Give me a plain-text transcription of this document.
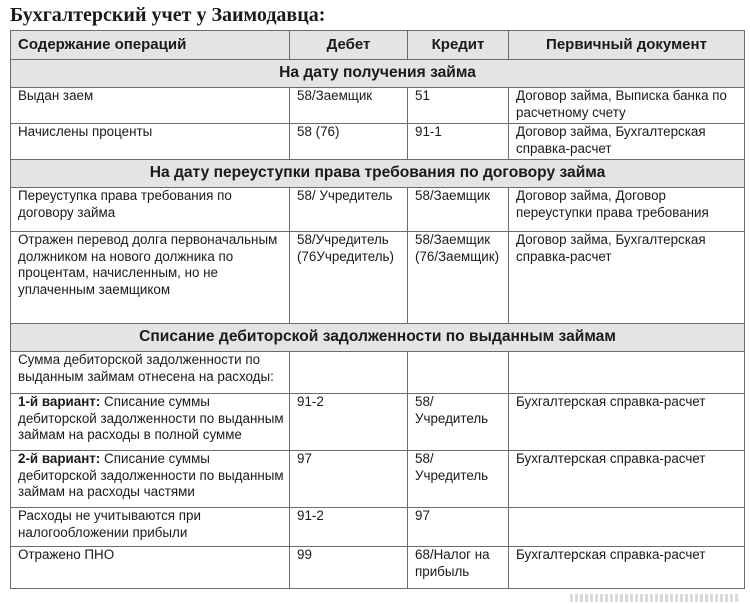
Бухгалтерский учет у Заимодавца:
Содержание операций	Дебет	Кредит	Первичный документ
На дату получения займа			
Выдан заем	58/Заемщик	51	Договор займа, Выписка банка по расчетному счету
Начислены проценты	58 (76)	91-1	Договор займа, Бухгалтерская справка-расчет
На дату переуступки права требования по договору займа			
Переуступка права требования по договору займа	58/ Учредитель	58/Заемщик	Договор займа, Договор переуступки права требования
Отражен перевод долга первоначальным должником на нового должника по процентам, начисленным, но не уплаченным заемщиком	58/Учредитель (76Учредитель)	58/Заемщик (76/Заемщик)	Договор займа, Бухгалтерская справка-расчет
Списание дебиторской задолженности по выданным займам			
Сумма дебиторской задолженности по выданным займам отнесена на расходы:			
1-й вариант: Списание суммы дебиторской задолженности по выданным займам на расходы в полной сумме	91-2	58/Учредитель	Бухгалтерская справка-расчет
2-й вариант: Списание суммы дебиторской задолженности по выданным займам на расходы частями	97	58/Учредитель	Бухгалтерская справка-расчет
Расходы не учитываются при налогообложении прибыли	91-2	97	
Отражено ПНО	99	68/Налог на прибыль	Бухгалтерская справка-расчет
